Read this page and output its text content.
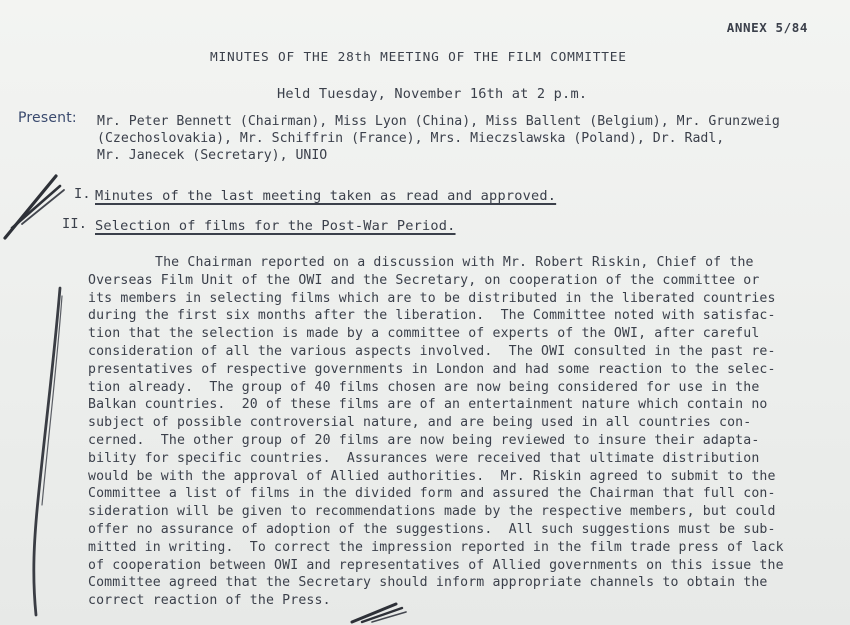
ANNEX 5/84
MINUTES OF THE 28th MEETING OF THE FILM COMMITTEE
Held Tuesday, November 16th at 2 p.m.
Present: Mr. Peter Bennett (Chairman), Miss Lyon (China), Miss Ballent (Belgium), Mr. Grunzweig
(Czechoslovakia), Mr. Schiffrin (France), Mrs. Mieczslawska (Poland), Dr. Radl,
Mr. Janecek (Secretary), UNIO
I. Minutes of the last meeting taken as read and approved.
II. Selection of films for the Post-War Period.
The Chairman reported on a discussion with Mr. Robert Riskin, Chief of the
Overseas Film Unit of the OWI and the Secretary, on cooperation of the committee or
its members in selecting films which are to be distributed in the liberated countries
during the first six months after the liberation.  The Committee noted with satisfac-
tion that the selection is made by a committee of experts of the OWI, after careful
consideration of all the various aspects involved.  The OWI consulted in the past re-
presentatives of respective governments in London and had some reaction to the selec-
tion already.  The group of 40 films chosen are now being considered for use in the
Balkan countries.  20 of these films are of an entertainment nature which contain no
subject of possible controversial nature, and are being used in all countries con-
cerned.  The other group of 20 films are now being reviewed to insure their adapta-
bility for specific countries.  Assurances were received that ultimate distribution
would be with the approval of Allied authorities.  Mr. Riskin agreed to submit to the
Committee a list of films in the divided form and assured the Chairman that full con-
sideration will be given to recommendations made by the respective members, but could
offer no assurance of adoption of the suggestions.  All such suggestions must be sub-
mitted in writing.  To correct the impression reported in the film trade press of lack
of cooperation between OWI and representatives of Allied governments on this issue the
Committee agreed that the Secretary should inform appropriate channels to obtain the
correct reaction of the Press.
